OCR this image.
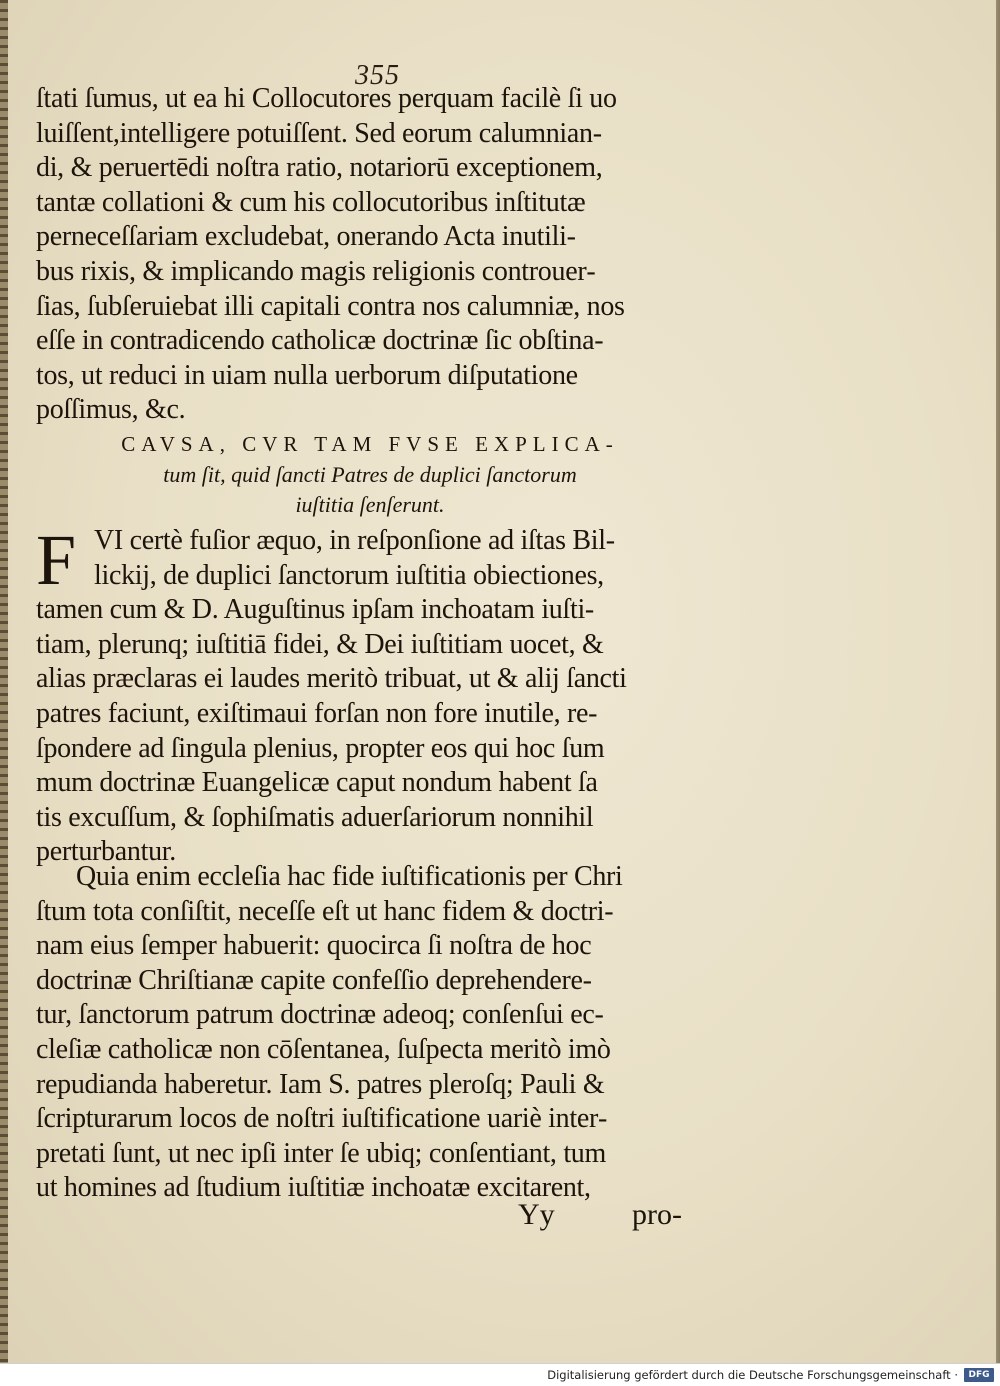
355
ſtati ſumus, ut ea hi Collocutores perquam facilè ſi uo
luiſſent,intelligere potuiſſent. Sed eorum calumnian‑
di, & peruertēdi noſtra ratio, notariorū exceptionem,
tantæ collationi & cum his collocutoribus inſtitutæ
perneceſſariam excludebat, onerando Acta inutili‑
bus rixis, & implicando magis religionis controuer‑
ſias, ſubſeruiebat illi capitali contra nos calumniæ, nos
eſſe in contradicendo catholicæ doctrinæ ſic obſtina‑
tos, ut reduci in uiam nulla uerborum diſputatione
poſſimus, &c.
CAVSA, CVR TAM FVSE EXPLICA‑
tum ſit, quid ſancti Patres de duplici ſanctorum
iuſtitia ſenſerunt.
F VI certè fuſior æquo, in reſponſione ad iſtas Bil‑
lickij, de duplici ſanctorum iuſtitia obiectiones,
tamen cum & D. Auguſtinus ipſam inchoatam iuſti‑
tiam, plerunq; iuſtitiā fidei, & Dei iuſtitiam uocet, &
alias præclaras ei laudes meritò tribuat, ut & alij ſancti
patres faciunt, exiſtimaui forſan non fore inutile, re‑
ſpondere ad ſingula plenius, propter eos qui hoc ſum
mum doctrinæ Euangelicæ caput nondum habent ſa
tis excuſſum, & ſophiſmatis aduerſariorum nonnihil
perturbantur.
Quia enim eccleſia hac fide iuſtificationis per Chri
ſtum tota conſiſtit, neceſſe eſt ut hanc fidem & doctri‑
nam eius ſemper habuerit: quocirca ſi noſtra de hoc
doctrinæ Chriſtianæ capite confeſſio deprehendere‑
tur, ſanctorum patrum doctrinæ adeoq; conſenſui ec‑
cleſiæ catholicæ non cōſentanea, ſuſpecta meritò imò
repudianda haberetur. Iam S. patres pleroſq; Pauli &
ſcripturarum locos de noſtri iuſtificatione uariè inter‑
pretati ſunt, ut nec ipſi inter ſe ubiq; conſentiant, tum
ut homines ad ſtudium iuſtitiæ inchoatæ excitarent,
Yy	pro‑
Digitalisierung gefördert durch die Deutsche Forschungsgemeinschaft ·	DFG
